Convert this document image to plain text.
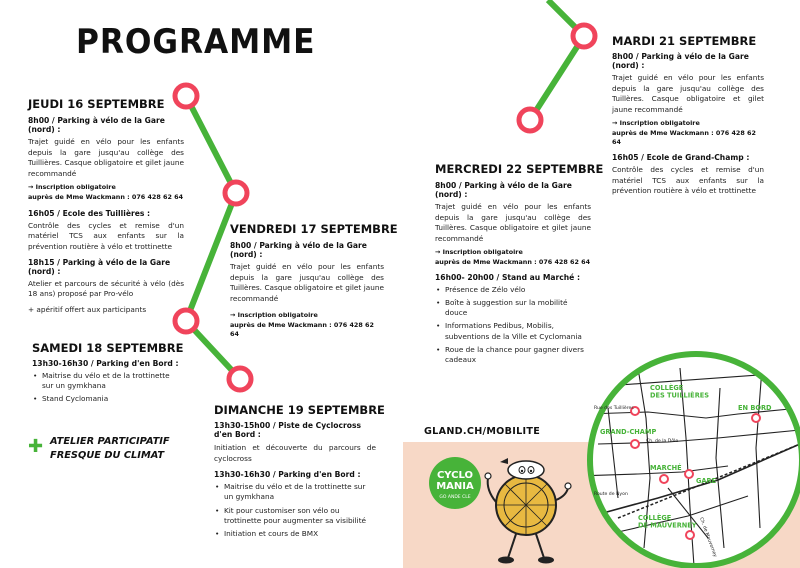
PROGRAMME
JEUDI 16 SEPTEMBRE
8h00 / Parking à vélo de la Gare (nord) :
Trajet guidé en vélo pour les enfants depuis la gare jusqu'au collège des Tuillières. Casque obligatoire et gilet jaune recommandé
→ Inscription obligatoire
auprès de Mme Wackmann : 076 428 62 64
16h05 / Ecole des Tuillières :
Contrôle des cycles et remise d'un matériel TCS aux enfants sur la prévention routière à vélo et trottinette
18h15 / Parking à vélo de la Gare (nord) :
Atelier et parcours de sécurité à vélo (dès 18 ans) proposé par Pro-vélo
+ apéritif offert aux participants
VENDREDI 17 SEPTEMBRE
8h00 / Parking à vélo de la Gare (nord) :
Trajet guidé en vélo pour les enfants depuis la gare jusqu'au collège des Tuillères. Casque obligatoire et gilet jaune recommandé
→ Inscription obligatoire
auprès de Mme Wackmann : 076 428 62 64
SAMEDI 18 SEPTEMBRE
13h30-16h30 / Parking d'en Bord :
• Maitrise du vélo et de la trottinette sur un gymkhana
• Stand Cyclomania
✚ ATELIER PARTICIPATIF
FRESQUE DU CLIMAT
DIMANCHE 19 SEPTEMBRE
13h30-15h00 / Piste de Cyclocross d'en Bord :
Initiation et découverte du parcours de cyclocross
13h30-16h30 / Parking d'en Bord :
• Maitrise du vélo et de la trottinette sur un gymkhana
• Kit pour customiser son vélo ou trottinette pour augmenter sa visibilité
• Initiation et cours de BMX
MERCREDI 22 SEPTEMBRE
8h00 / Parking à vélo de la Gare (nord) :
Trajet guidé en vélo pour les enfants depuis la gare jusqu'au collège des Tuillères. Casque obligatoire et gilet jaune recommandé
→ Inscription obligatoire
auprès de Mme Wackmann : 076 428 62 64
16h00- 20h00 / Stand au Marché :
• Présence de Zélo vélo
• Boîte à suggestion sur la mobilité douce
• Informations Pedibus, Mobilis, subventions de la Ville et Cyclomania
• Roue de la chance pour gagner divers cadeaux
MARDI 21 SEPTEMBRE
8h00 / Parking à vélo de la Gare (nord) :
Trajet guidé en vélo pour les enfants depuis la gare jusqu'au collège des Tuillères. Casque obligatoire et gilet jaune recommandé
→ Inscription obligatoire
auprès de Mme Wackmann : 076 428 62 64
16h05 / Ecole de Grand-Champ :
Contrôle des cycles et remise d'un matériel TCS aux enfants sur la prévention routière à vélo et trottinette
GLAND.CH/MOBILITE
CYCLO
MANIA
GO ANDE CLE
COLLÈGE DES TUILLIÈRES
EN BORD
GRAND-CHAMP
MARCHÉ
GARE
COLLÈGE DE MAUVERNEY
Rue des Tuillières
Ch. de la Dôle
Route de Nyon
Ch. de Mauverney
